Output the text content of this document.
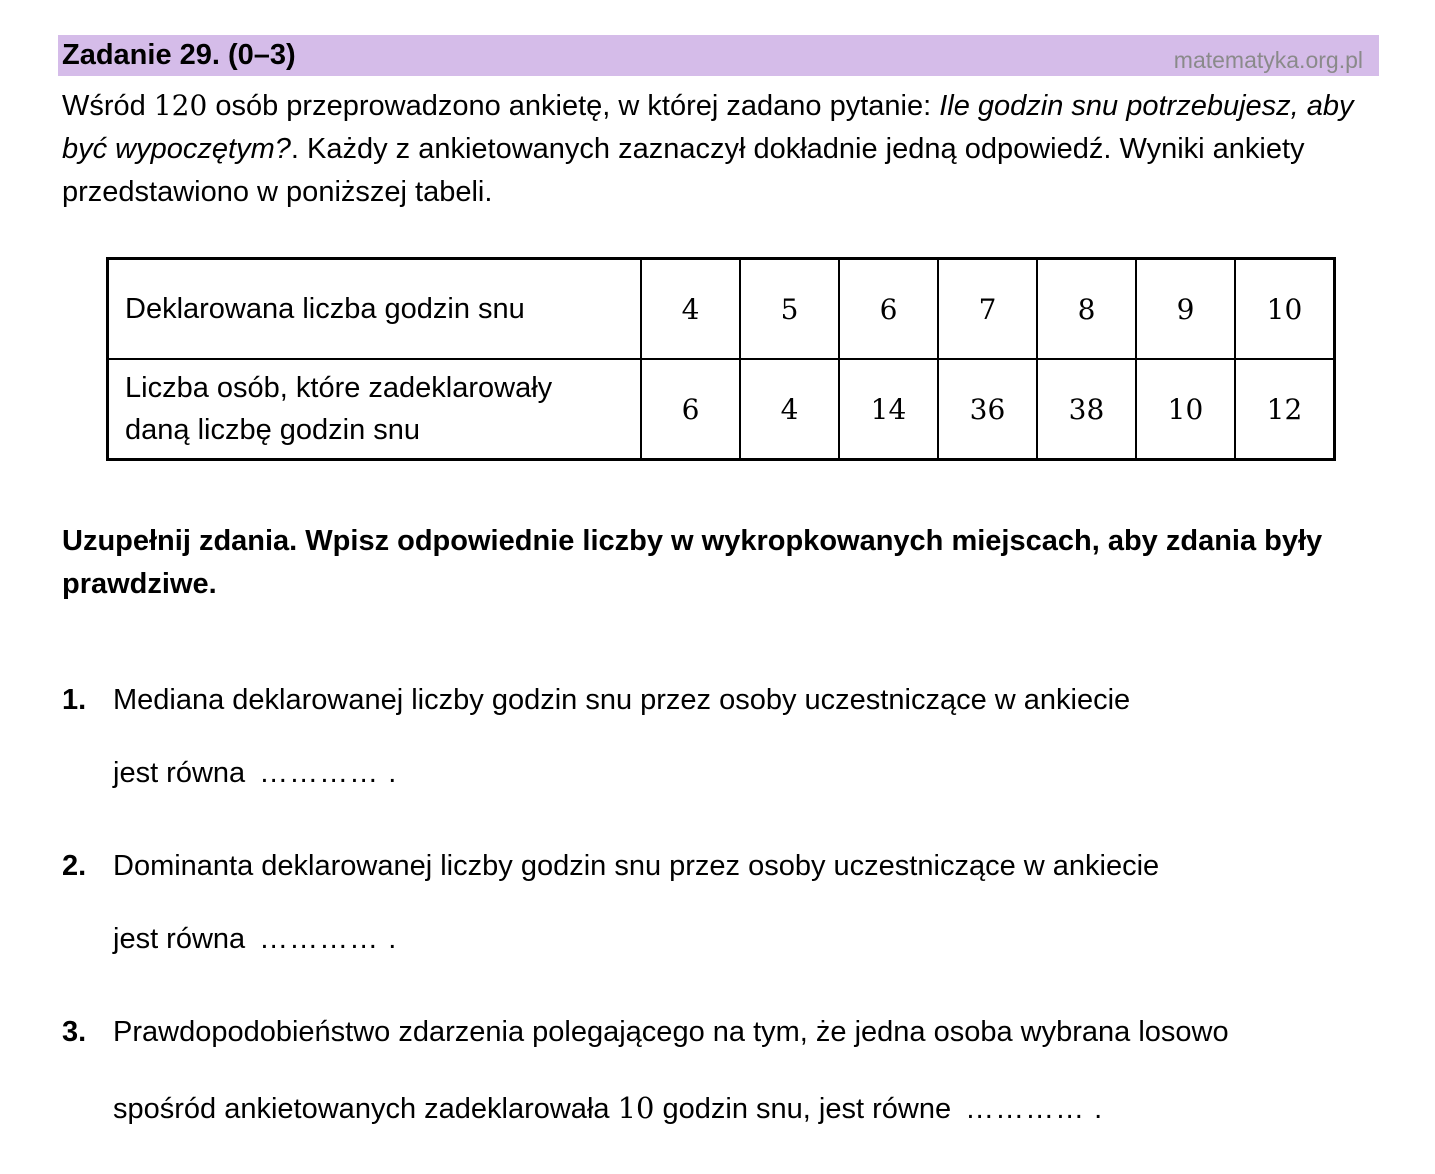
Zadanie 29. (0–3)	matematyka.org.pl
Wśród 120 osób przeprowadzono ankietę, w której zadano pytanie: Ile godzin snu potrzebujesz, aby być wypoczętym?. Każdy z ankietowanych zaznaczył dokładnie jedną odpowiedź. Wyniki ankiety przedstawiono w poniższej tabeli.
Deklarowana liczba godzin snu	4	5	6	7	8	9	10
Liczba osób, które zadeklarowały
daną liczbę godzin snu	6	4	14	36	38	10	12
Uzupełnij zdania. Wpisz odpowiednie liczby w wykropkowanych miejscach, aby zdania były prawdziwe.
1. Mediana deklarowanej liczby godzin snu przez osoby uczestniczące w ankiecie
jest równa ………… .
2. Dominanta deklarowanej liczby godzin snu przez osoby uczestniczące w ankiecie
jest równa ………… .
3. Prawdopodobieństwo zdarzenia polegającego na tym, że jedna osoba wybrana losowo
spośród ankietowanych zadeklarowała 10 godzin snu, jest równe ………… .
